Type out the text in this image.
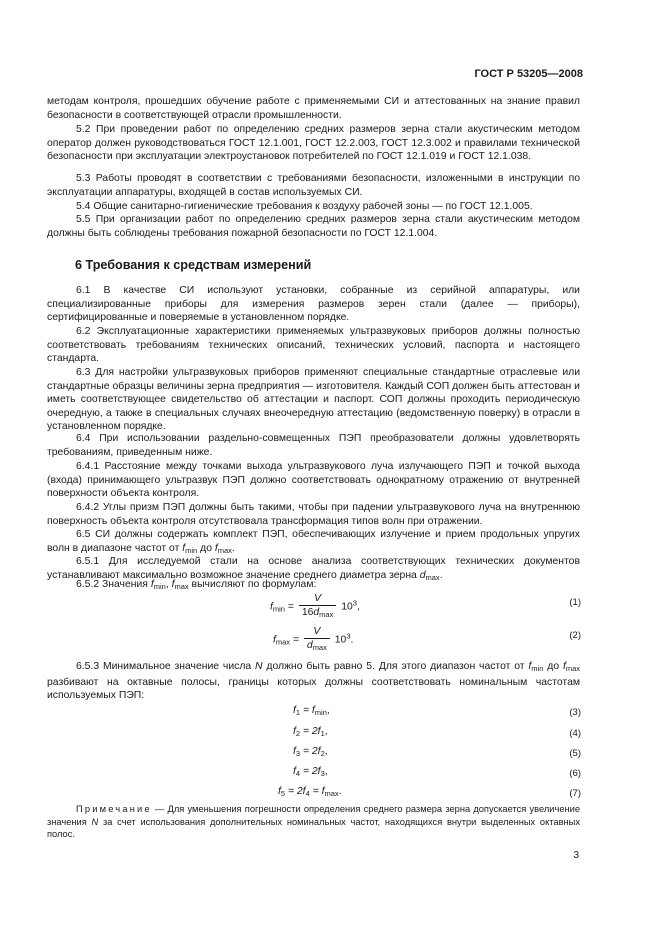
ГОСТ Р 53205—2008

методам контроля, прошедших обучение работе с применяемыми СИ и аттестованных на знание правил безопасности в соответствующей отрасли промышленности.

5.2 При проведении работ по определению средних размеров зерна стали акустическим методом оператор должен руководствоваться ГОСТ 12.1.001, ГОСТ 12.2.003, ГОСТ 12.3.002 и правилами технической безопасности при эксплуатации электроустановок потребителей по ГОСТ 12.1.019 и ГОСТ 12.1.038.

5.3 Работы проводят в соответствии с требованиями безопасности, изложенными в инструкции по эксплуатации аппаратуры, входящей в состав используемых СИ.

5.4 Общие санитарно-гигиенические требования к воздуху рабочей зоны — по ГОСТ 12.1.005.

5.5 При организации работ по определению средних размеров зерна стали акустическим методом должны быть соблюдены требования пожарной безопасности по ГОСТ 12.1.004.

6 Требования к средствам измерений

6.1 В качестве СИ используют установки, собранные из серийной аппаратуры, или специализированные приборы для измерения размеров зерен стали (далее — приборы), сертифицированные и поверяемые в установленном порядке.

6.2 Эксплуатационные характеристики применяемых ультразвуковых приборов должны полностью соответствовать требованиям технических описаний, технических условий, паспорта и настоящего стандарта.

6.3 Для настройки ультразвуковых приборов применяют специальные стандартные отраслевые или стандартные образцы величины зерна предприятия — изготовителя. Каждый СОП должен быть аттестован и иметь соответствующее свидетельство об аттестации и паспорт. СОП должны проходить периодическую очередную, а также в специальных случаях внеочередную аттестацию (ведомственную поверку) в отрасли в установленном порядке.

6.4 При использовании раздельно-совмещенных ПЭП преобразователи должны удовлетворять требованиям, приведенным ниже.

6.4.1 Расстояние между точками выхода ультразвукового луча излучающего ПЭП и точкой выхода (входа) принимающего ультразвук ПЭП должно соответствовать однократному отражению от внутренней поверхности объекта контроля.

6.4.2 Углы призм ПЭП должны быть такими, чтобы при падении ультразвукового луча на внутреннюю поверхность объекта контроля отсутствовала трансформация типов волн при отражении.

6.5 СИ должны содержать комплект ПЭП, обеспечивающих излучение и прием продольных упругих волн в диапазоне частот от $f_{min}$ до $f_{max}$.

6.5.1 Для исследуемой стали на основе анализа соответствующих технических документов устанавливают максимально возможное значение среднего диаметра зерна $d_{max}$.

6.5.2 Значения $f_{min}$, $f_{max}$ вычисляют по формулам:

$f_{min} = \frac{V}{16d_{max}} 10^3$,	(1)
$f_{max} = \frac{V}{d_{max}} 10^3$.	(2)

6.5.3 Минимальное значение числа N должно быть равно 5. Для этого диапазон частот от $f_{min}$ до $f_{max}$ разбивают на октавные полосы, границы которых должны соответствовать номинальным частотам используемых ПЭП:

$f_1 = f_{min}$,	(3)
$f_2 = 2f_1$,	(4)
$f_3 = 2f_2$,	(5)
$f_4 = 2f_3$,	(6)
$f_5 = 2f_4 = f_{max}$.	(7)

Примечание — Для уменьшения погрешности определения среднего размера зерна допускается увеличение значения N за счет использования дополнительных номинальных частот, находящихся внутри выделенных октавных полос.

3
